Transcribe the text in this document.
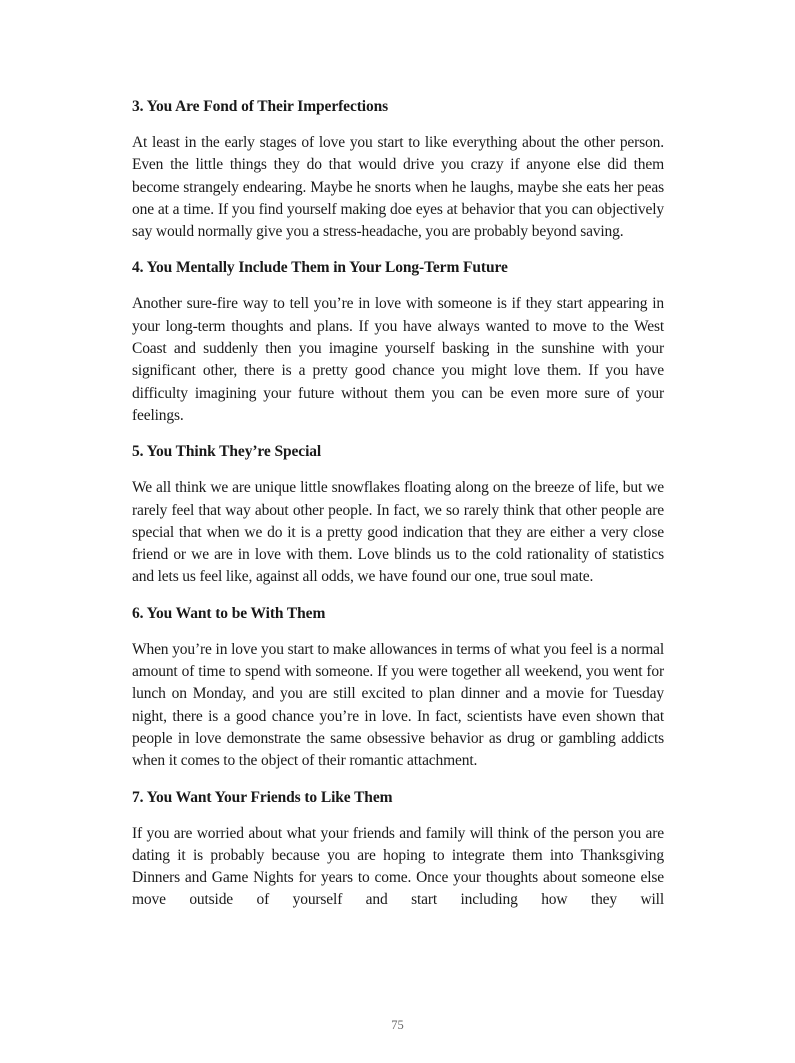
3. You Are Fond of Their Imperfections

At least in the early stages of love you start to like everything about the other person. Even the little things they do that would drive you crazy if anyone else did them become strangely endearing. Maybe he snorts when he laughs, maybe she eats her peas one at a time. If you find yourself making doe eyes at behavior that you can objectively say would normally give you a stress-headache, you are probably beyond saving.

4. You Mentally Include Them in Your Long-Term Future

Another sure-fire way to tell you’re in love with someone is if they start appearing in your long-term thoughts and plans. If you have always wanted to move to the West Coast and suddenly then you imagine yourself basking in the sunshine with your significant other, there is a pretty good chance you might love them. If you have difficulty imagining your future without them you can be even more sure of your feelings.

5. You Think They’re Special

We all think we are unique little snowflakes floating along on the breeze of life, but we rarely feel that way about other people. In fact, we so rarely think that other people are special that when we do it is a pretty good indication that they are either a very close friend or we are in love with them. Love blinds us to the cold rationality of statistics and lets us feel like, against all odds, we have found our one, true soul mate.

6. You Want to be With Them

When you’re in love you start to make allowances in terms of what you feel is a normal amount of time to spend with someone. If you were together all weekend, you went for lunch on Monday, and you are still excited to plan dinner and a movie for Tuesday night, there is a good chance you’re in love. In fact, scientists have even shown that people in love demonstrate the same obsessive behavior as drug or gambling addicts when it comes to the object of their romantic attachment.

7. You Want Your Friends to Like Them

If you are worried about what your friends and family will think of the person you are dating it is probably because you are hoping to integrate them into Thanksgiving Dinners and Game Nights for years to come. Once your thoughts about someone else move outside of yourself and start including how they will

75
